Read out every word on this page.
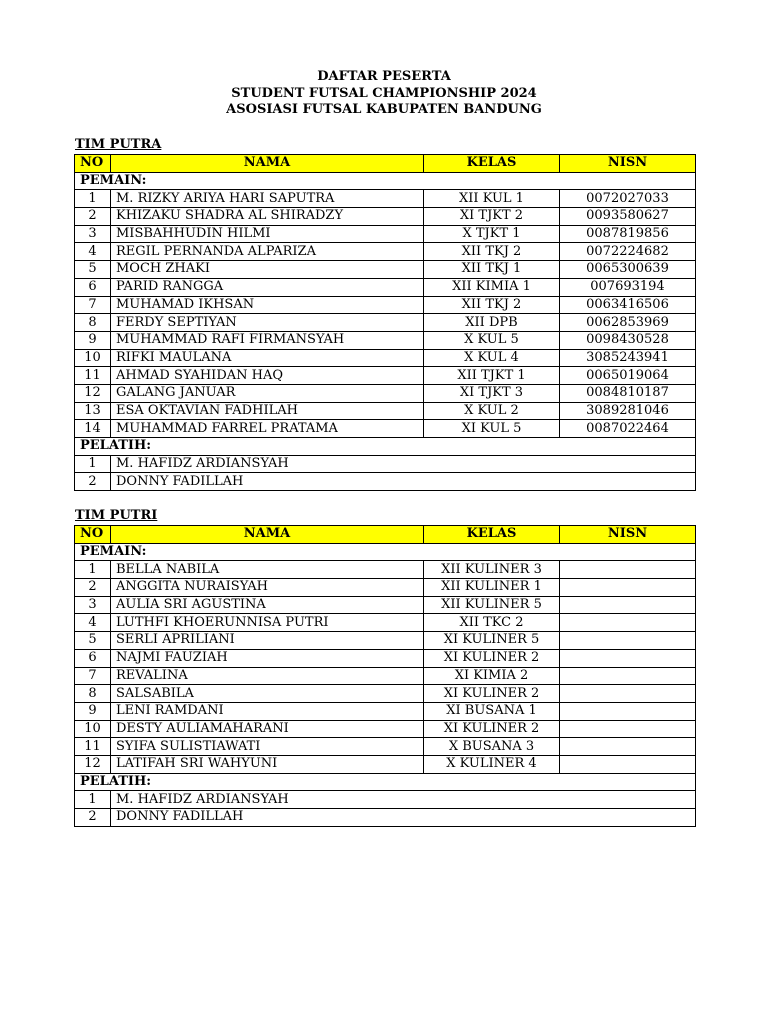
DAFTAR PESERTA
STUDENT FUTSAL CHAMPIONSHIP 2024
ASOSIASI FUTSAL KABUPATEN BANDUNG
TIM PUTRA
NO	NAMA	KELAS	NISN
PEMAIN:			
1	M. RIZKY ARIYA HARI SAPUTRA	XII KUL 1	0072027033
2	KHIZAKU SHADRA AL SHIRADZY	XI TJKT 2	0093580627
3	MISBAHHUDIN HILMI	X TJKT 1	0087819856
4	REGIL PERNANDA ALPARIZA	XII TKJ 2	0072224682
5	MOCH ZHAKI	XII TKJ 1	0065300639
6	PARID RANGGA	XII KIMIA 1	007693194
7	MUHAMAD IKHSAN	XII TKJ 2	0063416506
8	FERDY SEPTIYAN	XII DPB	0062853969
9	MUHAMMAD RAFI FIRMANSYAH	X KUL 5	0098430528
10	RIFKI MAULANA	X KUL 4	3085243941
11	AHMAD SYAHIDAN HAQ	XII TJKT 1	0065019064
12	GALANG JANUAR	XI TJKT 3	0084810187
13	ESA OKTAVIAN FADHILAH	X KUL 2	3089281046
14	MUHAMMAD FARREL PRATAMA	XI KUL 5	0087022464
PELATIH:			
1	M. HAFIDZ ARDIANSYAH		
2	DONNY FADILLAH		
TIM PUTRI
NO	NAMA	KELAS	NISN
PEMAIN:			
1	BELLA NABILA	XII KULINER 3	
2	ANGGITA NURAISYAH	XII KULINER 1	
3	AULIA SRI AGUSTINA	XII KULINER 5	
4	LUTHFI KHOERUNNISA PUTRI	XII TKC 2	
5	SERLI APRILIANI	XI KULINER 5	
6	NAJMI FAUZIAH	XI KULINER 2	
7	REVALINA	XI KIMIA 2	
8	SALSABILA	XI KULINER 2	
9	LENI RAMDANI	XI BUSANA 1	
10	DESTY AULIAMAHARANI	XI KULINER 2	
11	SYIFA SULISTIAWATI	X BUSANA 3	
12	LATIFAH SRI WAHYUNI	X KULINER 4	
PELATIH:			
1	M. HAFIDZ ARDIANSYAH		
2	DONNY FADILLAH		
